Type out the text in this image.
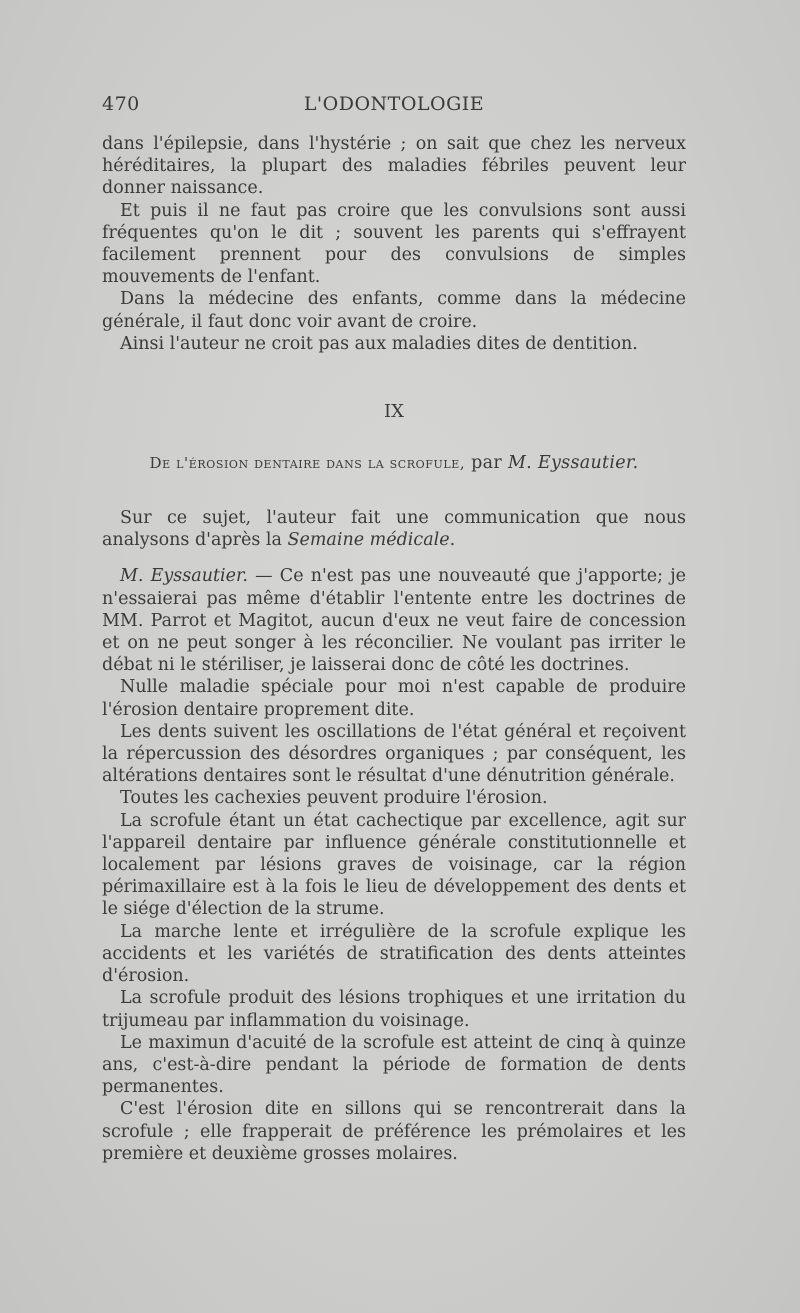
470	L'ODONTOLOGIE

dans l'épilepsie, dans l'hystérie ; on sait que chez les nerveux héréditaires, la plupart des maladies fébriles peuvent leur donner naissance.

Et puis il ne faut pas croire que les convulsions sont aussi fréquentes qu'on le dit ; souvent les parents qui s'effrayent facilement prennent pour des convulsions de simples mouvements de l'enfant.

Dans la médecine des enfants, comme dans la médecine générale, il faut donc voir avant de croire.

Ainsi l'auteur ne croit pas aux maladies dites de dentition.

IX
De l'érosion dentaire dans la scrofule, par M. Eyssautier.

Sur ce sujet, l'auteur fait une communication que nous analysons d'après la Semaine médicale.

M. Eyssautier. — Ce n'est pas une nouveauté que j'apporte; je n'essaierai pas même d'établir l'entente entre les doctrines de MM. Parrot et Magitot, aucun d'eux ne veut faire de concession et on ne peut songer à les réconcilier. Ne voulant pas irriter le débat ni le stériliser, je laisserai donc de côté les doctrines.

Nulle maladie spéciale pour moi n'est capable de produire l'érosion dentaire proprement dite.

Les dents suivent les oscillations de l'état général et reçoivent la répercussion des désordres organiques ; par conséquent, les altérations dentaires sont le résultat d'une dénutrition générale.

Toutes les cachexies peuvent produire l'érosion.

La scrofule étant un état cachectique par excellence, agit sur l'appareil dentaire par influence générale constitutionnelle et localement par lésions graves de voisinage, car la région périmaxillaire est à la fois le lieu de développement des dents et le siége d'élection de la strume.

La marche lente et irrégulière de la scrofule explique les accidents et les variétés de stratification des dents atteintes d'érosion.

La scrofule produit des lésions trophiques et une irritation du trijumeau par inflammation du voisinage.

Le maximun d'acuité de la scrofule est atteint de cinq à quinze ans, c'est-à-dire pendant la période de formation de dents permanentes.

C'est l'érosion dite en sillons qui se rencontrerait dans la scrofule ; elle frapperait de préférence les prémolaires et les première et deuxième grosses molaires.
